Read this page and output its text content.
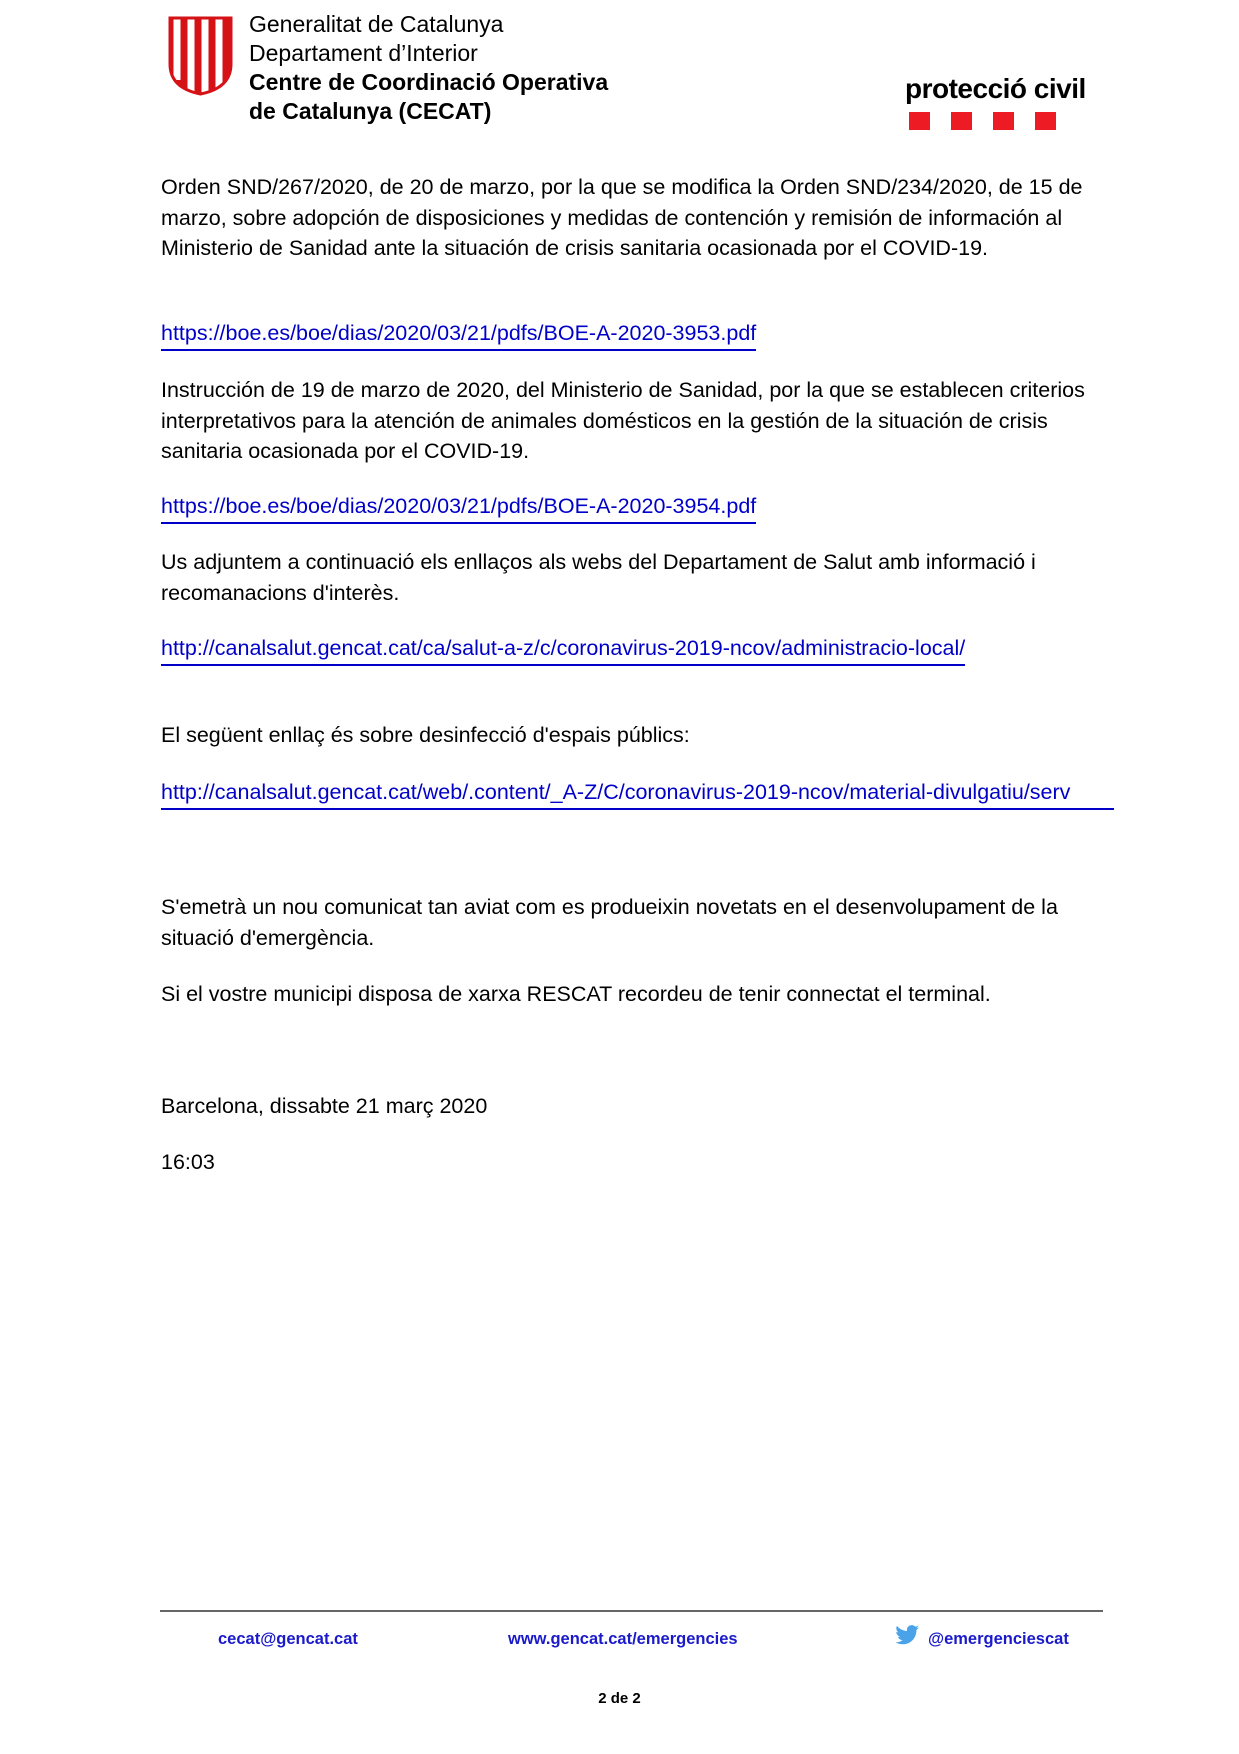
Generalitat de Catalunya
Departament d’Interior
Centre de Coordinació Operativa
de Catalunya (CECAT)
protecció civil

Orden SND/267/2020, de 20 de marzo, por la que se modifica la Orden SND/234/2020, de 15 de marzo, sobre adopción de disposiciones y medidas de contención y remisión de información al Ministerio de Sanidad ante la situación de crisis sanitaria ocasionada por el COVID-19.

https://boe.es/boe/dias/2020/03/21/pdfs/BOE-A-2020-3953.pdf

Instrucción de 19 de marzo de 2020, del Ministerio de Sanidad, por la que se establecen criterios interpretativos para la atención de animales domésticos en la gestión de la situación de crisis sanitaria ocasionada por el COVID-19.

https://boe.es/boe/dias/2020/03/21/pdfs/BOE-A-2020-3954.pdf

Us adjuntem a continuació els enllaços als webs del Departament de Salut amb informació i recomanacions d'interès.

http://canalsalut.gencat.cat/ca/salut-a-z/c/coronavirus-2019-ncov/administracio-local/

El següent enllaç és sobre desinfecció d'espais públics:

http://canalsalut.gencat.cat/web/.content/_A-Z/C/coronavirus-2019-ncov/material-divulgatiu/serv

S'emetrà un nou comunicat tan aviat com es produeixin novetats en el desenvolupament de la situació d'emergència.

Si el vostre municipi disposa de xarxa RESCAT recordeu de tenir connectat el terminal.

Barcelona, dissabte 21 març 2020

16:03

cecat@gencat.cat	www.gencat.cat/emergencies	@emergenciescat
2 de 2
